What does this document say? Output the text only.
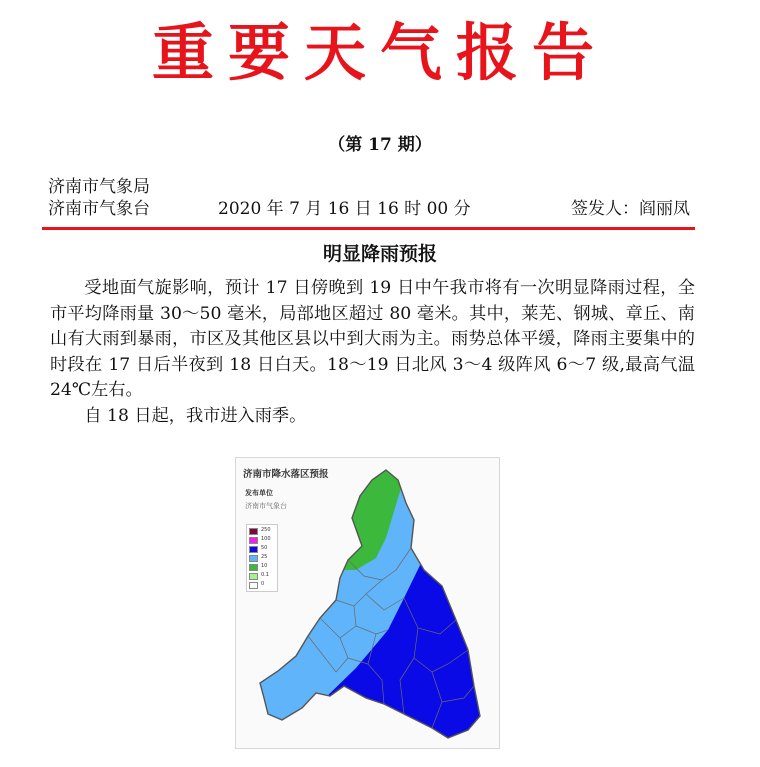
重要天气报告
（第 17 期）
济南市气象局
济南市气象台	2020 年 7 月 16 日 16 时 00 分	签发人：阎丽凤
明显降雨预报

受地面气旋影响，预计 17 日傍晚到 19 日中午我市将有一次明显降雨过程，全市平均降雨量 30～50 毫米，局部地区超过 80 毫米。其中，莱芜、钢城、章丘、南山有大雨到暴雨，市区及其他区县以中到大雨为主。雨势总体平缓，降雨主要集中的时段在 17 日后半夜到 18 日白天。18～19 日北风 3～4 级阵风 6～7 级,最高气温 24℃左右。

自 18 日起，我市进入雨季。

济南市降水落区预报
发布单位
济南市气象台
250
100
50
25
10
0.1
0
